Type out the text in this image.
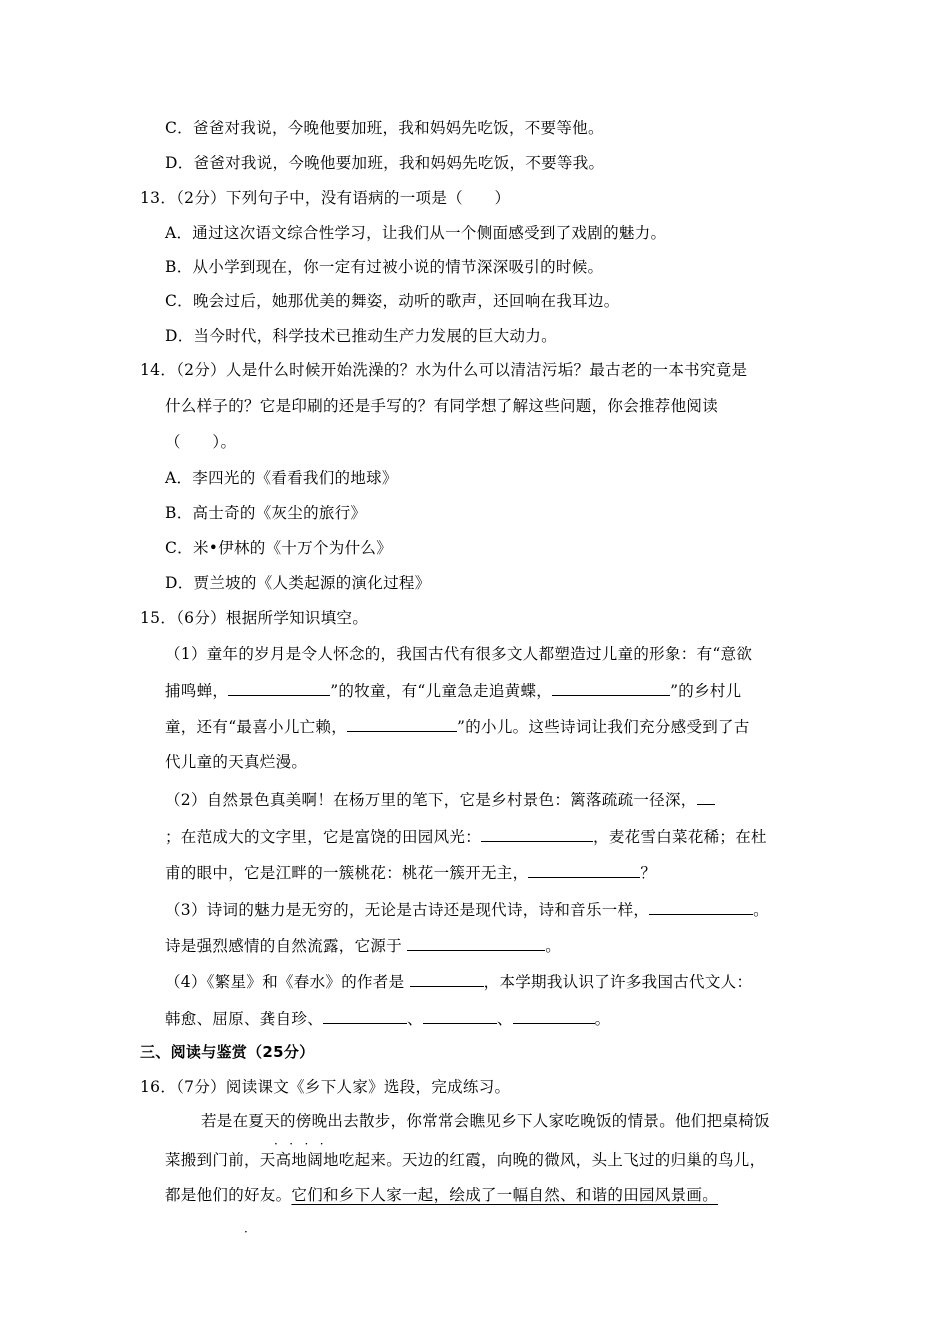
C．爸爸对我说，今晚他要加班，我和妈妈先吃饭，不要等他。
D．爸爸对我说，今晚他要加班，我和妈妈先吃饭，不要等我。
13．（2分）下列句子中，没有语病的一项是（　　）
A．通过这次语文综合性学习，让我们从一个侧面感受到了戏剧的魅力。
B．从小学到现在，你一定有过被小说的情节深深吸引的时候。
C．晚会过后，她那优美的舞姿，动听的歌声，还回响在我耳边。
D．当今时代，科学技术已推动生产力发展的巨大动力。
14．（2分）人是什么时候开始洗澡的？水为什么可以清洁污垢？最古老的一本书究竟是
什么样子的？它是印刷的还是手写的？有同学想了解这些问题，你会推荐他阅读
（　　）。
A．李四光的《看看我们的地球》
B．高士奇的《灰尘的旅行》
C．米•伊林的《十万个为什么》
D．贾兰坡的《人类起源的演化过程》
15．（6分）根据所学知识填空。
（1）童年的岁月是令人怀念的，我国古代有很多文人都塑造过儿童的形象：有“意欲
捕鸣蝉，	”的牧童，有“儿童急走追黄蝶，	”的乡村儿
童，还有“最喜小儿亡赖，	”的小儿。这些诗词让我们充分感受到了古
代儿童的天真烂漫。
（2）自然景色真美啊！在杨万里的笔下，它是乡村景色：篱落疏疏一径深，
；在范成大的文字里，它是富饶的田园风光：	，麦花雪白菜花稀；在杜
甫的眼中，它是江畔的一簇桃花：桃花一簇开无主，	？
（3）诗词的魅力是无穷的，无论是古诗还是现代诗，诗和音乐一样，	。
诗是强烈感情的自然流露，它源于	。
（4）《繁星》和《春水》的作者是	，本学期我认识了许多我国古代文人：
韩愈、屈原、龚自珍、	、	、	。
三、阅读与鉴赏（25分）
16．（7分）阅读课文《乡下人家》选段，完成练习。
若是在夏天的傍晚出去散步，你常常会瞧见乡下人家吃晚饭的情景。他们把桌椅饭
·   ·   ·   ·
菜搬到门前，天高地阔地吃起来。天边的红霞，向晚的微风，头上飞过的归巢的鸟儿，
都是他们的好友。它们和乡下人家一起，绘成了一幅自然、和谐的田园风景画。
·
